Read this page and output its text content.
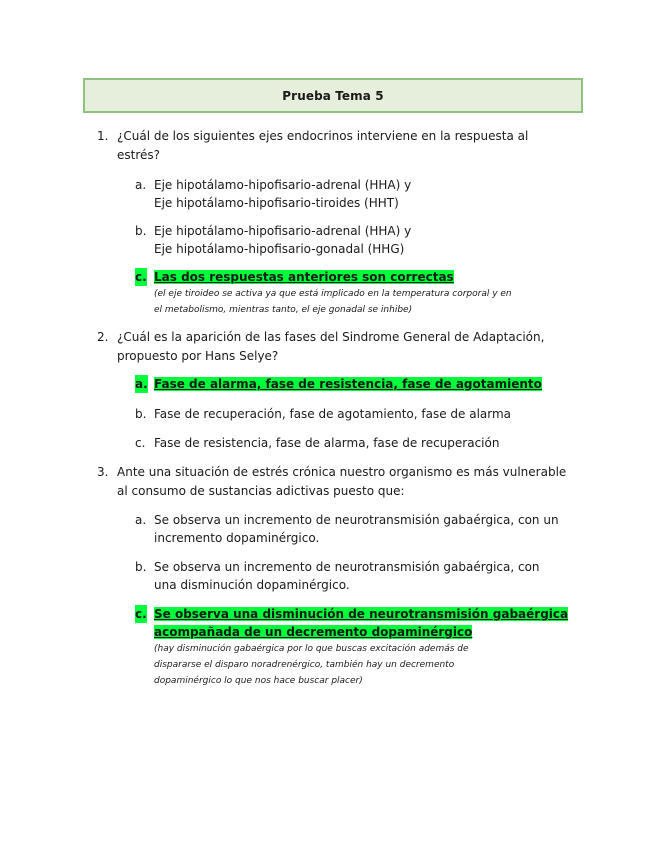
Prueba Tema 5
1. ¿Cuál de los siguientes ejes endocrinos interviene en la respuesta al
estrés?
a. Eje hipotálamo-hipofisario-adrenal (HHA) y
Eje hipotálamo-hipofisario-tiroides (HHT)
b. Eje hipotálamo-hipofisario-adrenal (HHA) y
Eje hipotálamo-hipofisario-gonadal (HHG)
c. Las dos respuestas anteriores son correctas
(el eje tiroideo se activa ya que está implicado en la temperatura corporal y en
el metabolismo, mientras tanto, el eje gonadal se inhibe)
2. ¿Cuál es la aparición de las fases del Sindrome General de Adaptación,
propuesto por Hans Selye?
a. Fase de alarma, fase de resistencia, fase de agotamiento
b. Fase de recuperación, fase de agotamiento, fase de alarma
c. Fase de resistencia, fase de alarma, fase de recuperación
3. Ante una situación de estrés crónica nuestro organismo es más vulnerable
al consumo de sustancias adictivas puesto que:
a. Se observa un incremento de neurotransmisión gabaérgica, con un
incremento dopaminérgico.
b. Se observa un incremento de neurotransmisión gabaérgica, con
una disminución dopaminérgico.
c. Se observa una disminución de neurotransmisión gabaérgica
acompañada de un decremento dopaminérgico
(hay disminución gabaérgica por lo que buscas excitación además de
dispararse el disparo noradrenérgico, también hay un decremento
dopaminérgico lo que nos hace buscar placer)
